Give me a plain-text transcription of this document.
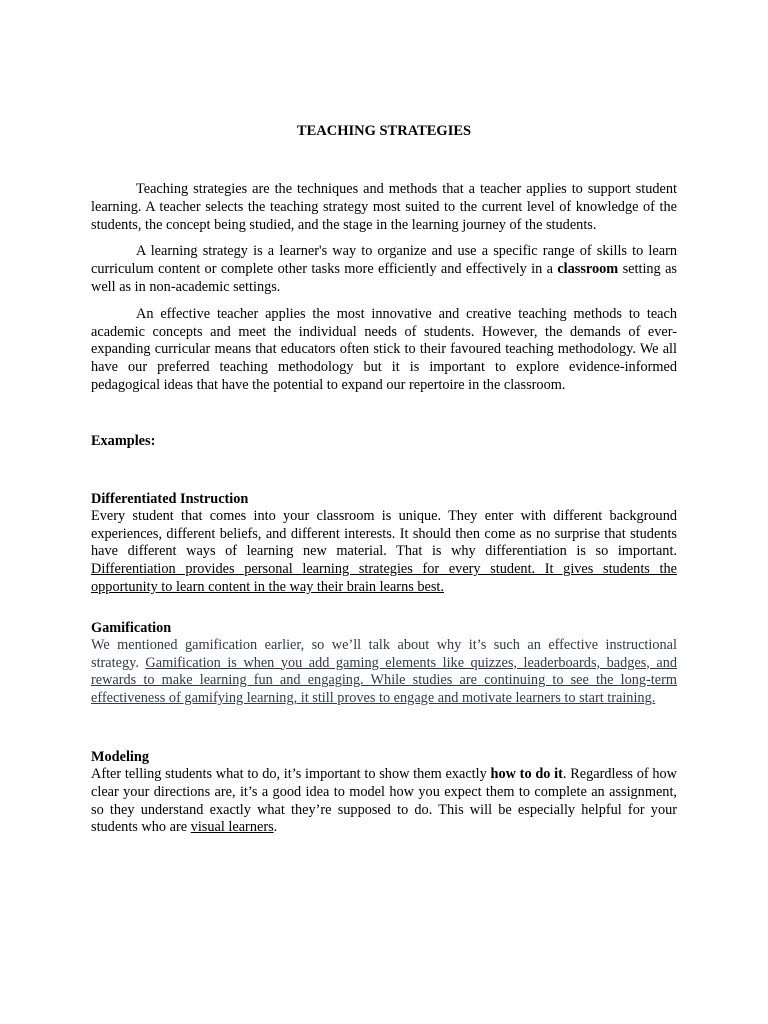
TEACHING STRATEGIES

Teaching strategies are the techniques and methods that a teacher applies to support student learning. A teacher selects the teaching strategy most suited to the current level of knowledge of the students, the concept being studied, and the stage in the learning journey of the students.

A learning strategy is a learner's way to organize and use a specific range of skills to learn curriculum content or complete other tasks more efficiently and effectively in a classroom setting as well as in non-academic settings.

An effective teacher applies the most innovative and creative teaching methods to teach academic concepts and meet the individual needs of students. However, the demands of ever-expanding curricular means that educators often stick to their favoured teaching methodology. We all have our preferred teaching methodology but it is important to explore evidence-informed pedagogical ideas that have the potential to expand our repertoire in the classroom.

Examples:

Differentiated Instruction

Every student that comes into your classroom is unique. They enter with different background experiences, different beliefs, and different interests. It should then come as no surprise that students have different ways of learning new material. That is why differentiation is so important. Differentiation provides personal learning strategies for every student. It gives students the opportunity to learn content in the way their brain learns best.

Gamification

We mentioned gamification earlier, so we’ll talk about why it’s such an effective instructional strategy. Gamification is when you add gaming elements like quizzes, leaderboards, badges, and rewards to make learning fun and engaging. While studies are continuing to see the long-term effectiveness of gamifying learning, it still proves to engage and motivate learners to start training.

Modeling

After telling students what to do, it’s important to show them exactly how to do it. Regardless of how clear your directions are, it’s a good idea to model how you expect them to complete an assignment, so they understand exactly what they’re supposed to do. This will be especially helpful for your students who are visual learners.
